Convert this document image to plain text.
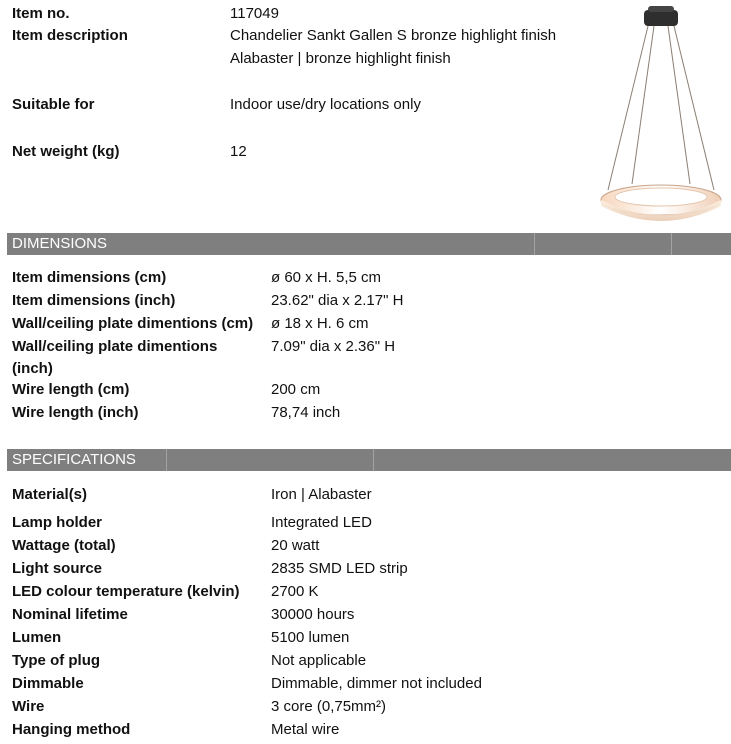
Item no.	117049
Item description	Chandelier Sankt Gallen S bronze highlight finish
Alabaster | bronze highlight finish
Suitable for	Indoor use/dry locations only
Net weight (kg)	12
DIMENSIONS
Item dimensions (cm)	ø 60 x H. 5,5 cm
Item dimensions (inch)	23.62" dia x 2.17" H
Wall/ceiling plate dimentions (cm) ø 18 x H. 6 cm
Wall/ceiling plate dimentions	7.09" dia x 2.36" H
(inch)
Wire length (cm)	200 cm
Wire length (inch)	78,74 inch
SPECIFICATIONS
Material(s)	Iron | Alabaster
Lamp holder	Integrated LED
Wattage (total)	20 watt
Light source	2835 SMD LED strip
LED colour temperature (kelvin) 2700 K
Nominal lifetime	30000 hours
Lumen	5100 lumen
Type of plug	Not applicable
Dimmable	Dimmable, dimmer not included
Wire	3 core (0,75mm²)
Hanging method	Metal wire
